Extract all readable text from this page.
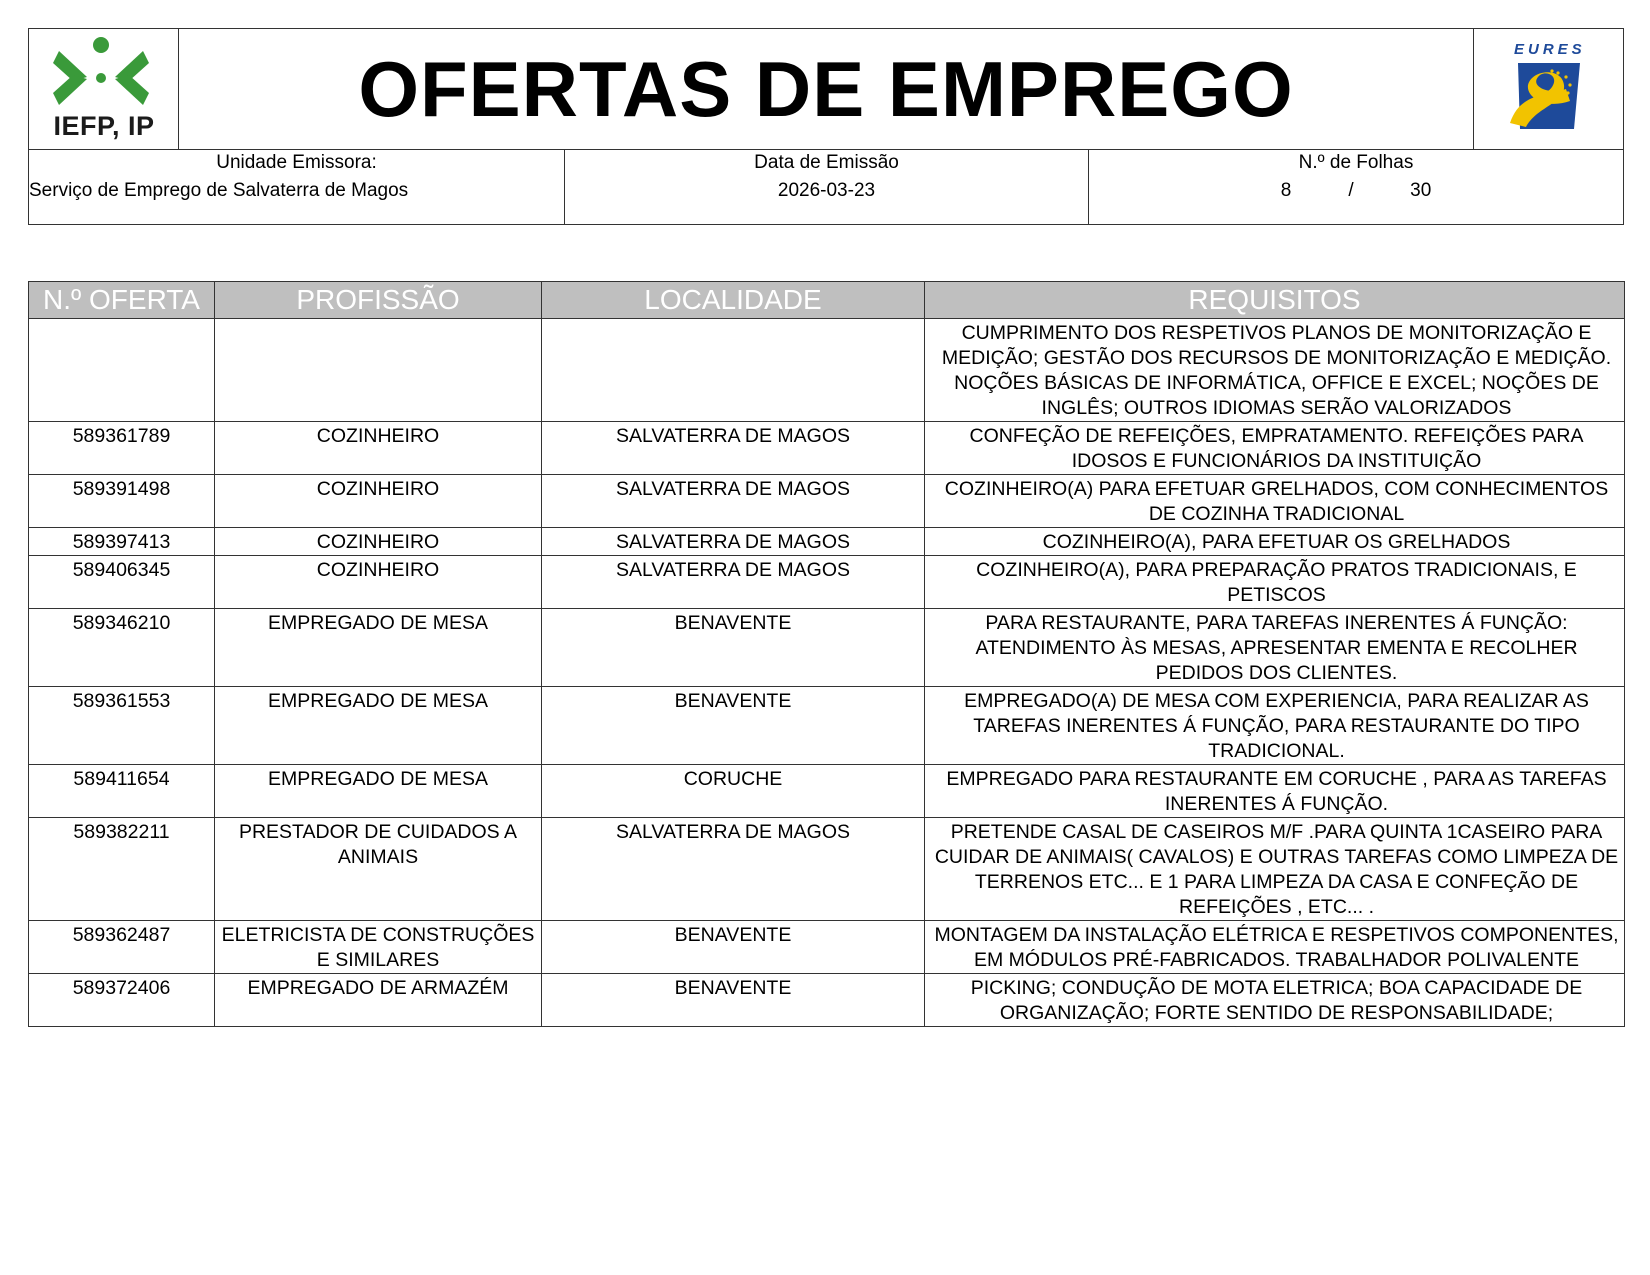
IEFP, IP	OFERTAS DE EMPREGO	EURES
Unidade Emissora:
Serviço de Emprego de Salvaterra de Magos
Data de Emissão
2026-03-23
N.º de Folhas
8	/	30
N.º OFERTA	PROFISSÃO	LOCALIDADE	REQUISITOS
			CUMPRIMENTO DOS RESPETIVOS PLANOS DE MONITORIZAÇÃO E MEDIÇÃO; GESTÃO DOS RECURSOS DE MONITORIZAÇÃO E MEDIÇÃO. NOÇÕES BÁSICAS DE INFORMÁTICA, OFFICE E EXCEL; NOÇÕES DE INGLÊS; OUTROS IDIOMAS SERÃO VALORIZADOS
589361789	COZINHEIRO	SALVATERRA DE MAGOS	CONFEÇÃO DE REFEIÇÕES, EMPRATAMENTO. REFEIÇÕES PARA IDOSOS E FUNCIONÁRIOS DA INSTITUIÇÃO
589391498	COZINHEIRO	SALVATERRA DE MAGOS	COZINHEIRO(A) PARA EFETUAR GRELHADOS, COM CONHECIMENTOS DE COZINHA TRADICIONAL
589397413	COZINHEIRO	SALVATERRA DE MAGOS	COZINHEIRO(A), PARA EFETUAR OS GRELHADOS
589406345	COZINHEIRO	SALVATERRA DE MAGOS	COZINHEIRO(A), PARA PREPARAÇÃO PRATOS TRADICIONAIS, E PETISCOS
589346210	EMPREGADO DE MESA	BENAVENTE	PARA RESTAURANTE, PARA TAREFAS INERENTES Á FUNÇÃO: ATENDIMENTO ÀS MESAS, APRESENTAR EMENTA E RECOLHER PEDIDOS DOS CLIENTES.
589361553	EMPREGADO DE MESA	BENAVENTE	EMPREGADO(A) DE MESA COM EXPERIENCIA, PARA REALIZAR AS TAREFAS INERENTES Á FUNÇÃO, PARA RESTAURANTE DO TIPO TRADICIONAL.
589411654	EMPREGADO DE MESA	CORUCHE	EMPREGADO PARA RESTAURANTE EM CORUCHE , PARA AS TAREFAS INERENTES Á FUNÇÃO.
589382211	PRESTADOR DE CUIDADOS A ANIMAIS	SALVATERRA DE MAGOS	PRETENDE CASAL DE CASEIROS M/F .PARA QUINTA 1CASEIRO PARA CUIDAR DE ANIMAIS( CAVALOS) E OUTRAS TAREFAS COMO LIMPEZA DE TERRENOS ETC... E 1 PARA LIMPEZA DA CASA E CONFEÇÃO DE REFEIÇÕES , ETC... .
589362487	ELETRICISTA DE CONSTRUÇÕES E SIMILARES	BENAVENTE	MONTAGEM DA INSTALAÇÃO ELÉTRICA E RESPETIVOS COMPONENTES, EM MÓDULOS PRÉ-FABRICADOS. TRABALHADOR POLIVALENTE
589372406	EMPREGADO DE ARMAZÉM	BENAVENTE	PICKING; CONDUÇÃO DE MOTA ELETRICA; BOA CAPACIDADE DE ORGANIZAÇÃO; FORTE SENTIDO DE RESPONSABILIDADE;
